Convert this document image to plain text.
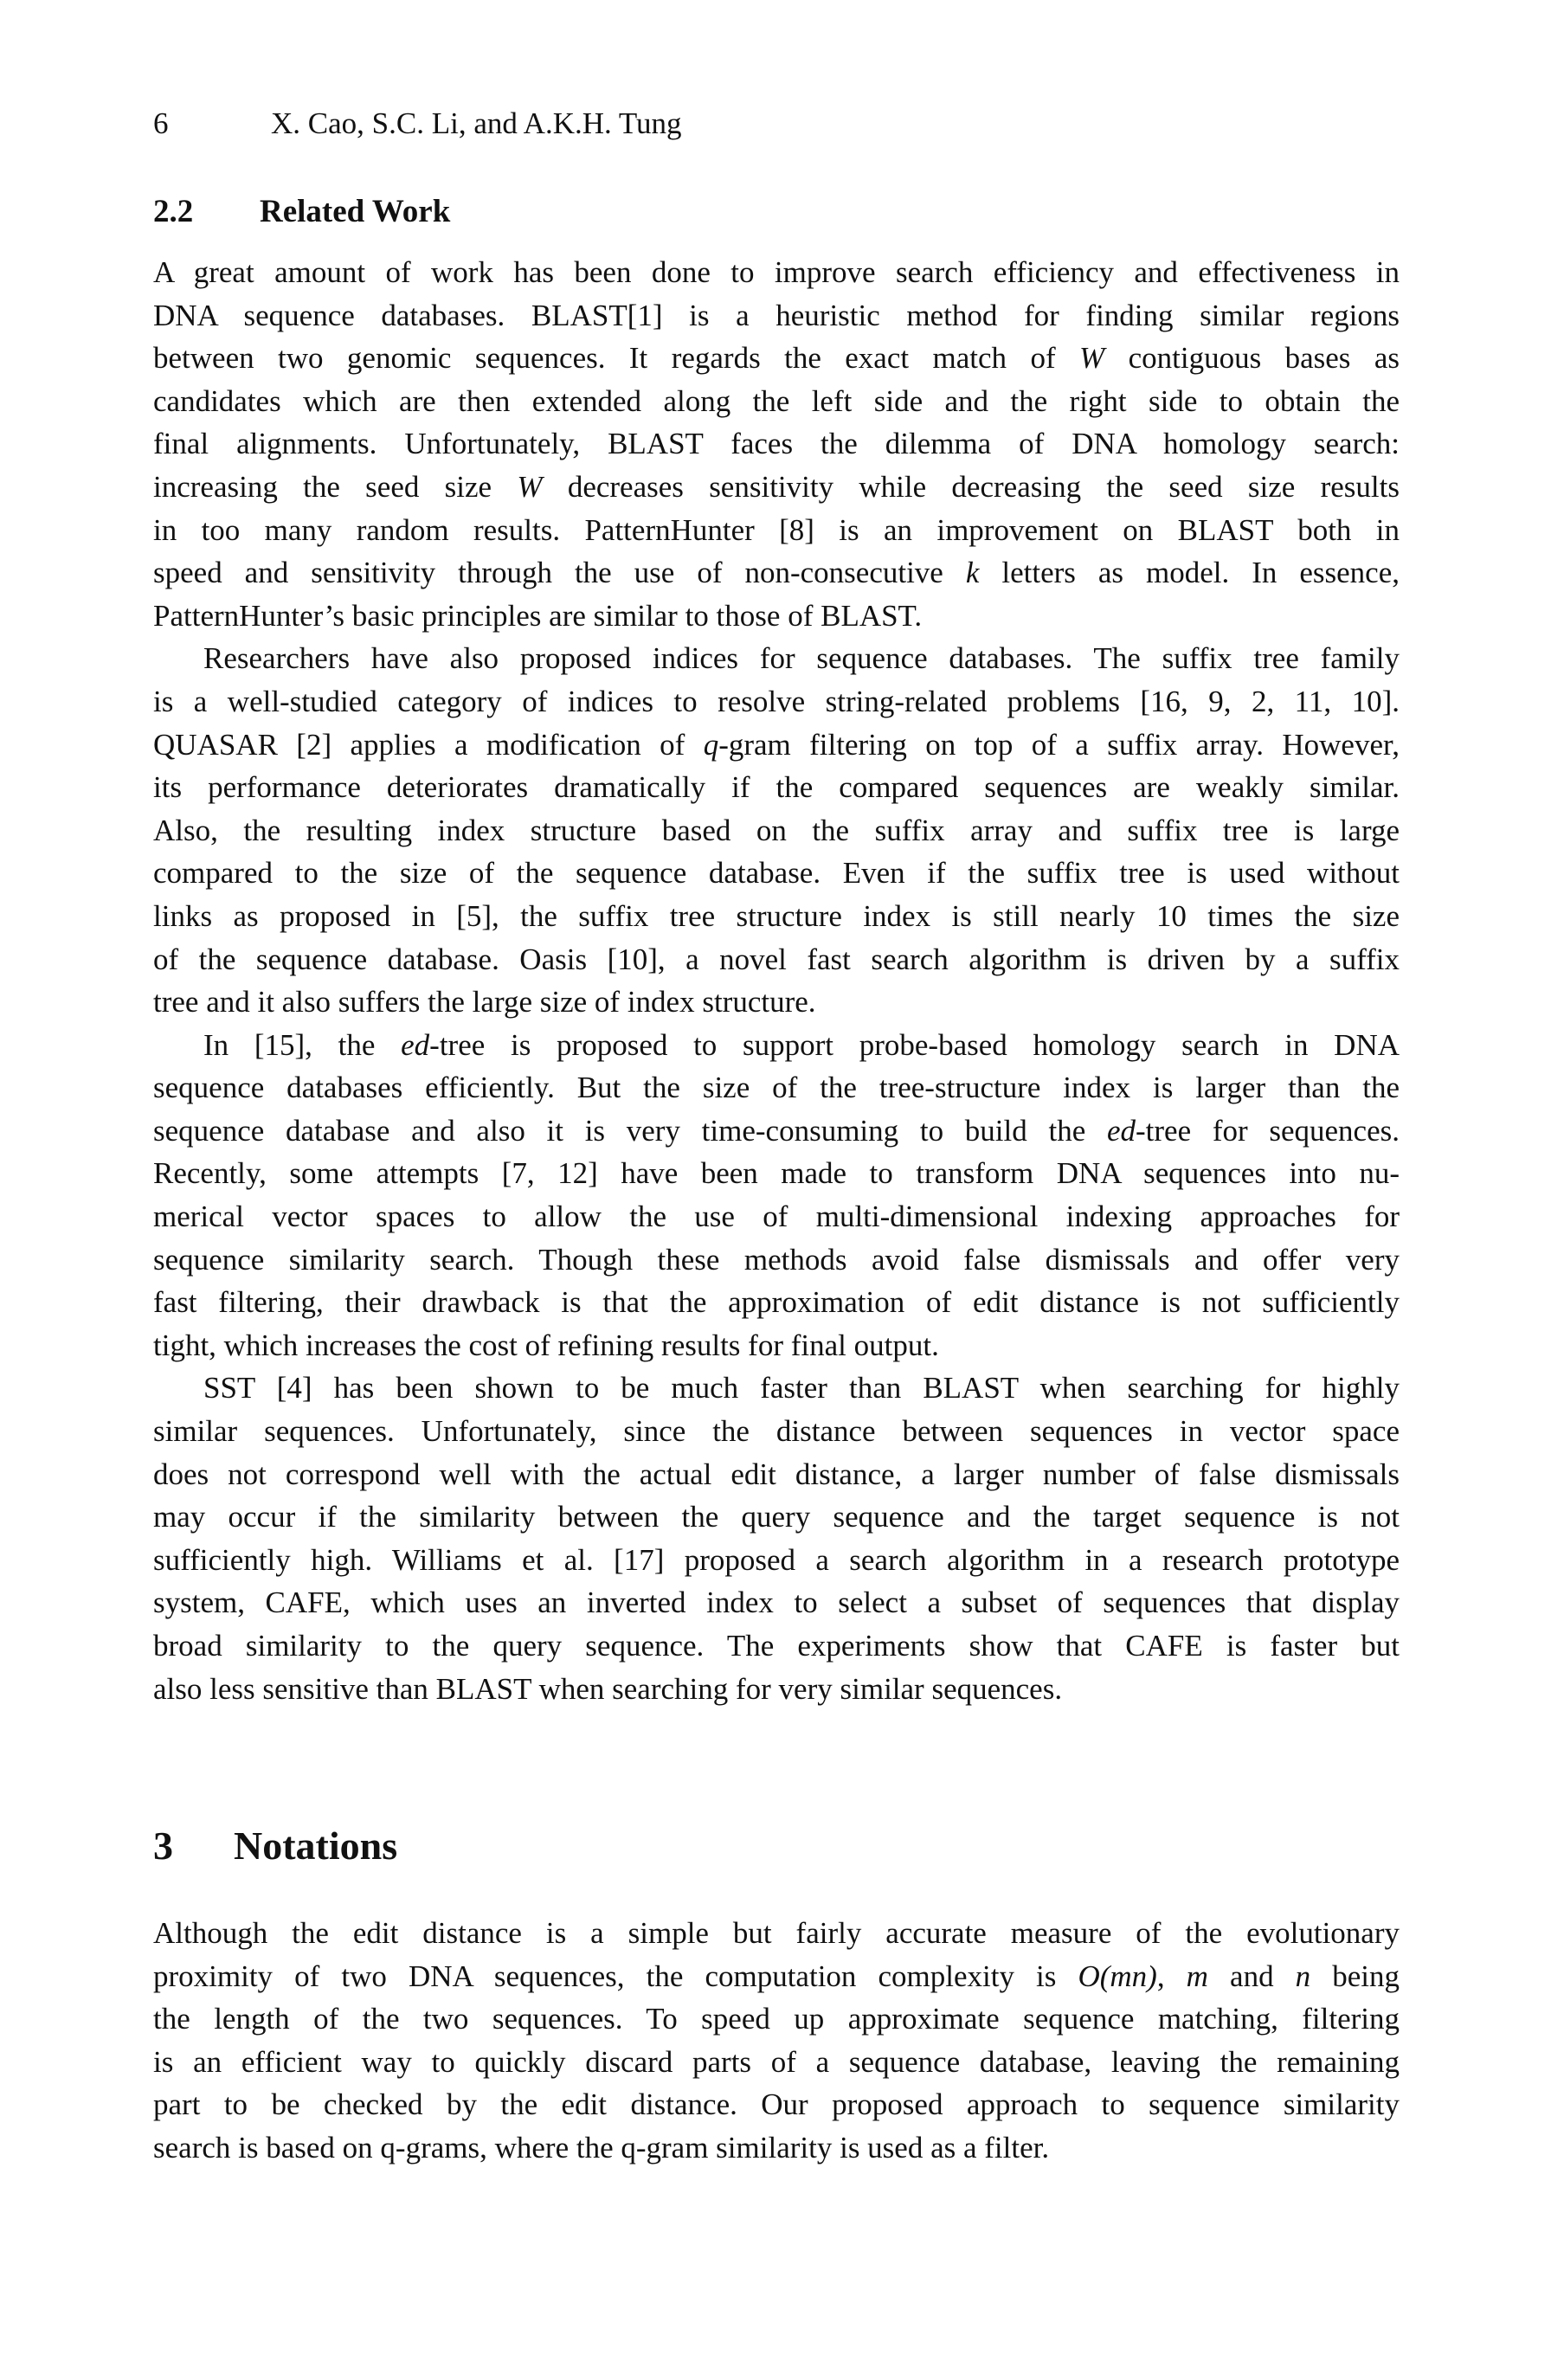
6	X. Cao, S.C. Li, and A.K.H. Tung
2.2 Related Work
A great amount of work has been done to improve search efficiency and effectiveness in
DNA sequence databases. BLAST[1] is a heuristic method for finding similar regions
between two genomic sequences. It regards the exact match of W contiguous bases as
candidates which are then extended along the left side and the right side to obtain the
final alignments. Unfortunately, BLAST faces the dilemma of DNA homology search:
increasing the seed size W decreases sensitivity while decreasing the seed size results
in too many random results. PatternHunter [8] is an improvement on BLAST both in
speed and sensitivity through the use of non-consecutive k letters as model. In essence,
PatternHunter’s basic principles are similar to those of BLAST.
Researchers have also proposed indices for sequence databases. The suffix tree family
is a well-studied category of indices to resolve string-related problems [16, 9, 2, 11, 10].
QUASAR [2] applies a modification of q-gram filtering on top of a suffix array. However,
its performance deteriorates dramatically if the compared sequences are weakly similar.
Also, the resulting index structure based on the suffix array and suffix tree is large
compared to the size of the sequence database. Even if the suffix tree is used without
links as proposed in [5], the suffix tree structure index is still nearly 10 times the size
of the sequence database. Oasis [10], a novel fast search algorithm is driven by a suffix
tree and it also suffers the large size of index structure.
In [15], the ed-tree is proposed to support probe-based homology search in DNA
sequence databases efficiently. But the size of the tree-structure index is larger than the
sequence database and also it is very time-consuming to build the ed-tree for sequences.
Recently, some attempts [7, 12] have been made to transform DNA sequences into nu-
merical vector spaces to allow the use of multi-dimensional indexing approaches for
sequence similarity search. Though these methods avoid false dismissals and offer very
fast filtering, their drawback is that the approximation of edit distance is not sufficiently
tight, which increases the cost of refining results for final output.
SST [4] has been shown to be much faster than BLAST when searching for highly
similar sequences. Unfortunately, since the distance between sequences in vector space
does not correspond well with the actual edit distance, a larger number of false dismissals
may occur if the similarity between the query sequence and the target sequence is not
sufficiently high. Williams et al. [17] proposed a search algorithm in a research prototype
system, CAFE, which uses an inverted index to select a subset of sequences that display
broad similarity to the query sequence. The experiments show that CAFE is faster but
also less sensitive than BLAST when searching for very similar sequences.
3 Notations
Although the edit distance is a simple but fairly accurate measure of the evolutionary
proximity of two DNA sequences, the computation complexity is O(mn), m and n being
the length of the two sequences. To speed up approximate sequence matching, filtering
is an efficient way to quickly discard parts of a sequence database, leaving the remaining
part to be checked by the edit distance. Our proposed approach to sequence similarity
search is based on q-grams, where the q-gram similarity is used as a filter.
